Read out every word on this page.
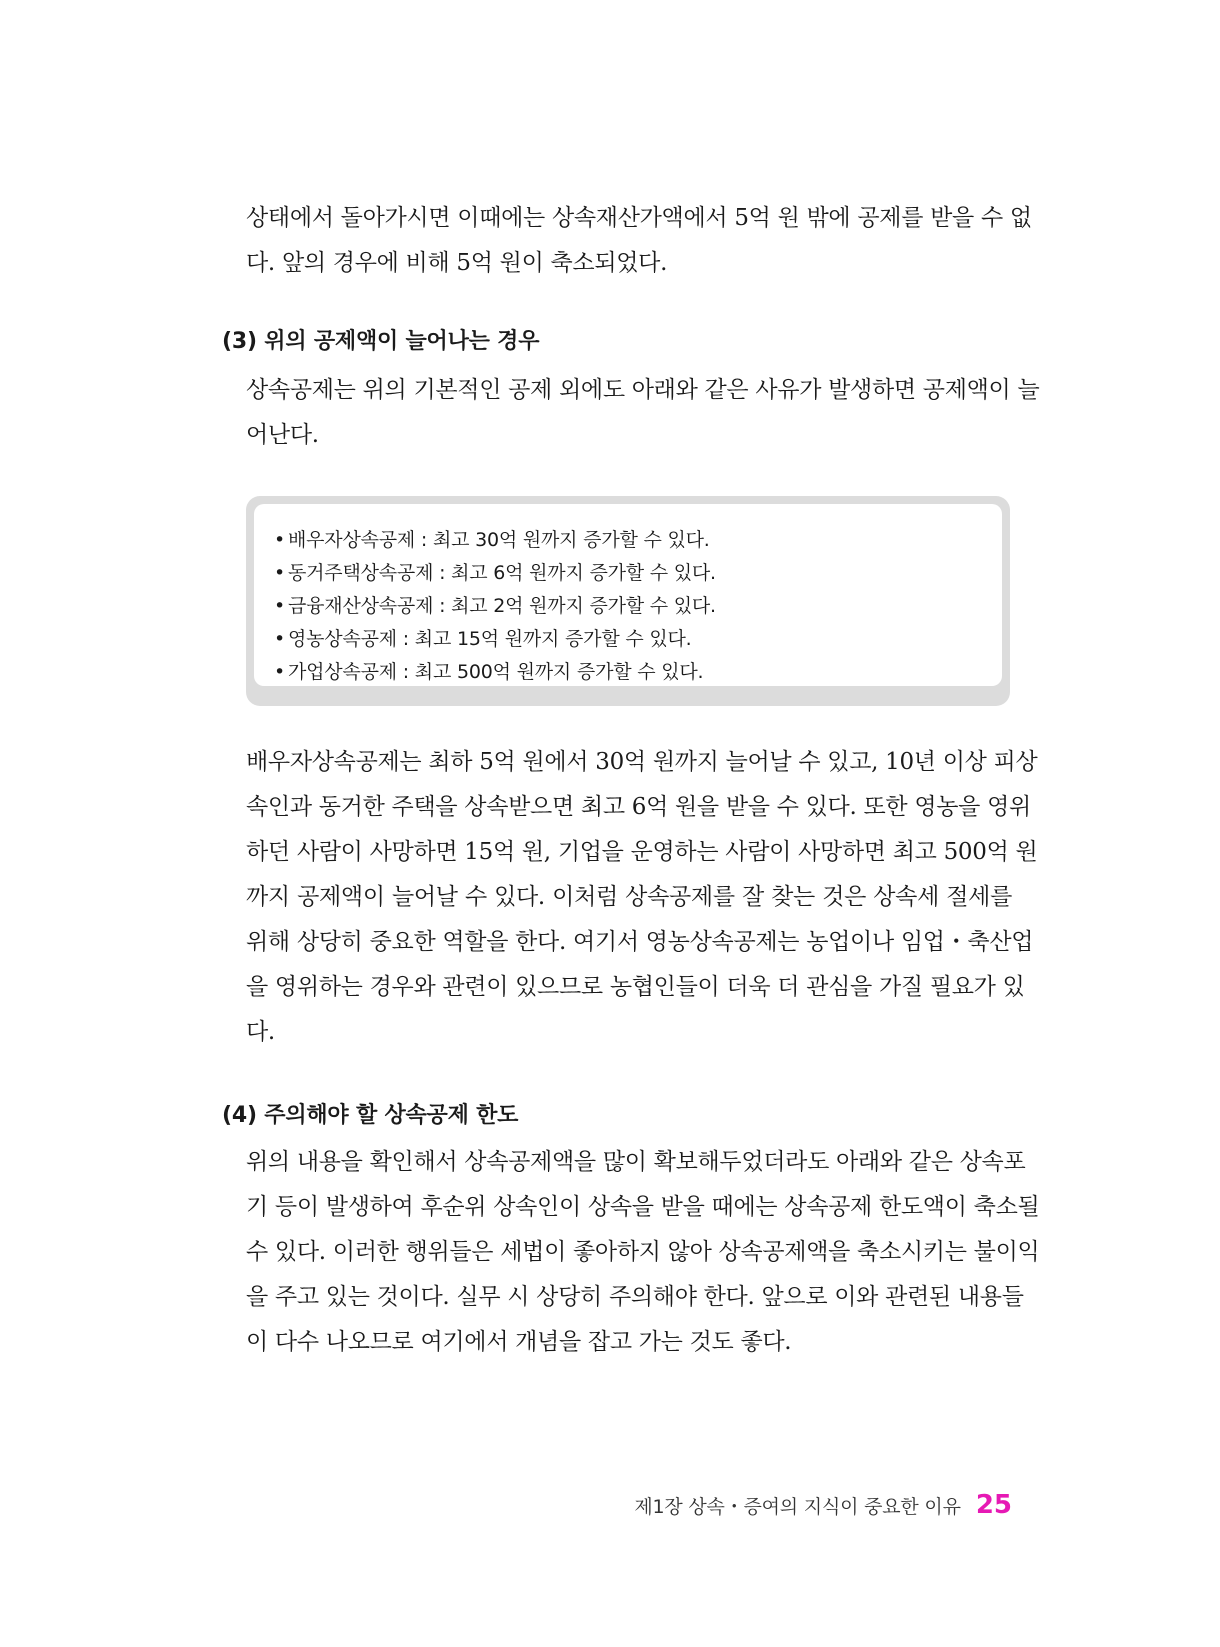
상태에서 돌아가시면 이때에는 상속재산가액에서 5억 원 밖에 공제를 받을 수 없
다. 앞의 경우에 비해 5억 원이 축소되었다.
(3) 위의 공제액이 늘어나는 경우
상속공제는 위의 기본적인 공제 외에도 아래와 같은 사유가 발생하면 공제액이 늘
어난다.
• 배우자상속공제 : 최고 30억 원까지 증가할 수 있다.
• 동거주택상속공제 : 최고 6억 원까지 증가할 수 있다.
• 금융재산상속공제 : 최고 2억 원까지 증가할 수 있다.
• 영농상속공제 : 최고 15억 원까지 증가할 수 있다.
• 가업상속공제 : 최고 500억 원까지 증가할 수 있다.
배우자상속공제는 최하 5억 원에서 30억 원까지 늘어날 수 있고, 10년 이상 피상
속인과 동거한 주택을 상속받으면 최고 6억 원을 받을 수 있다. 또한 영농을 영위
하던 사람이 사망하면 15억 원, 기업을 운영하는 사람이 사망하면 최고 500억 원
까지 공제액이 늘어날 수 있다. 이처럼 상속공제를 잘 찾는 것은 상속세 절세를
위해 상당히 중요한 역할을 한다. 여기서 영농상속공제는 농업이나 임업・축산업
을 영위하는 경우와 관련이 있으므로 농협인들이 더욱 더 관심을 가질 필요가 있
다.
(4) 주의해야 할 상속공제 한도
위의 내용을 확인해서 상속공제액을 많이 확보해두었더라도 아래와 같은 상속포
기 등이 발생하여 후순위 상속인이 상속을 받을 때에는 상속공제 한도액이 축소될
수 있다. 이러한 행위들은 세법이 좋아하지 않아 상속공제액을 축소시키는 불이익
을 주고 있는 것이다. 실무 시 상당히 주의해야 한다. 앞으로 이와 관련된 내용들
이 다수 나오므로 여기에서 개념을 잡고 가는 것도 좋다.
제1장 상속・증여의 지식이 중요한 이유 25
